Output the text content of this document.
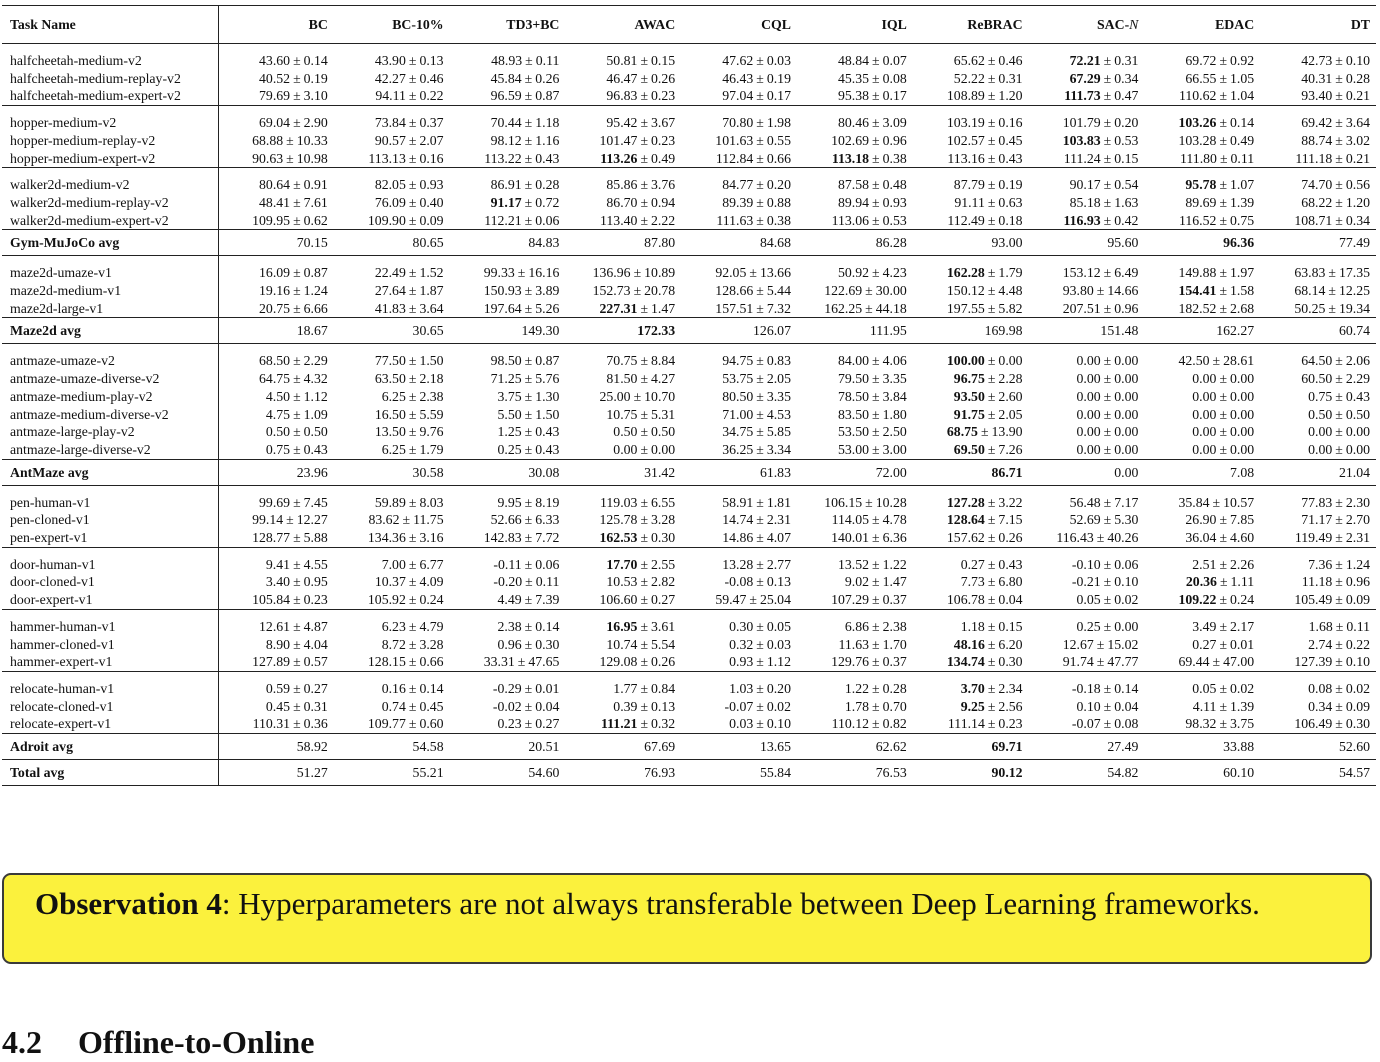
Task Name	BC	BC-10%	TD3+BC	AWAC	CQL	IQL	ReBRAC	SAC-N	EDAC	DT

halfcheetah-medium-v2	43.60 ± 0.14	43.90 ± 0.13	48.93 ± 0.11	50.81 ± 0.15	47.62 ± 0.03	48.84 ± 0.07	65.62 ± 0.46	72.21 ± 0.31	69.72 ± 0.92	42.73 ± 0.10
halfcheetah-medium-replay-v2	40.52 ± 0.19	42.27 ± 0.46	45.84 ± 0.26	46.47 ± 0.26	46.43 ± 0.19	45.35 ± 0.08	52.22 ± 0.31	67.29 ± 0.34	66.55 ± 1.05	40.31 ± 0.28
halfcheetah-medium-expert-v2	79.69 ± 3.10	94.11 ± 0.22	96.59 ± 0.87	96.83 ± 0.23	97.04 ± 0.17	95.38 ± 0.17	108.89 ± 1.20	111.73 ± 0.47	110.62 ± 1.04	93.40 ± 0.21

hopper-medium-v2	69.04 ± 2.90	73.84 ± 0.37	70.44 ± 1.18	95.42 ± 3.67	70.80 ± 1.98	80.46 ± 3.09	103.19 ± 0.16	101.79 ± 0.20	103.26 ± 0.14	69.42 ± 3.64
hopper-medium-replay-v2	68.88 ± 10.33	90.57 ± 2.07	98.12 ± 1.16	101.47 ± 0.23	101.63 ± 0.55	102.69 ± 0.96	102.57 ± 0.45	103.83 ± 0.53	103.28 ± 0.49	88.74 ± 3.02
hopper-medium-expert-v2	90.63 ± 10.98	113.13 ± 0.16	113.22 ± 0.43	113.26 ± 0.49	112.84 ± 0.66	113.18 ± 0.38	113.16 ± 0.43	111.24 ± 0.15	111.80 ± 0.11	111.18 ± 0.21

walker2d-medium-v2	80.64 ± 0.91	82.05 ± 0.93	86.91 ± 0.28	85.86 ± 3.76	84.77 ± 0.20	87.58 ± 0.48	87.79 ± 0.19	90.17 ± 0.54	95.78 ± 1.07	74.70 ± 0.56
walker2d-medium-replay-v2	48.41 ± 7.61	76.09 ± 0.40	91.17 ± 0.72	86.70 ± 0.94	89.39 ± 0.88	89.94 ± 0.93	91.11 ± 0.63	85.18 ± 1.63	89.69 ± 1.39	68.22 ± 1.20
walker2d-medium-expert-v2	109.95 ± 0.62	109.90 ± 0.09	112.21 ± 0.06	113.40 ± 2.22	111.63 ± 0.38	113.06 ± 0.53	112.49 ± 0.18	116.93 ± 0.42	116.52 ± 0.75	108.71 ± 0.34
Gym-MuJoCo avg	70.15	80.65	84.83	87.80	84.68	86.28	93.00	95.60	96.36	77.49

maze2d-umaze-v1	16.09 ± 0.87	22.49 ± 1.52	99.33 ± 16.16	136.96 ± 10.89	92.05 ± 13.66	50.92 ± 4.23	162.28 ± 1.79	153.12 ± 6.49	149.88 ± 1.97	63.83 ± 17.35
maze2d-medium-v1	19.16 ± 1.24	27.64 ± 1.87	150.93 ± 3.89	152.73 ± 20.78	128.66 ± 5.44	122.69 ± 30.00	150.12 ± 4.48	93.80 ± 14.66	154.41 ± 1.58	68.14 ± 12.25
maze2d-large-v1	20.75 ± 6.66	41.83 ± 3.64	197.64 ± 5.26	227.31 ± 1.47	157.51 ± 7.32	162.25 ± 44.18	197.55 ± 5.82	207.51 ± 0.96	182.52 ± 2.68	50.25 ± 19.34
Maze2d avg	18.67	30.65	149.30	172.33	126.07	111.95	169.98	151.48	162.27	60.74

antmaze-umaze-v2	68.50 ± 2.29	77.50 ± 1.50	98.50 ± 0.87	70.75 ± 8.84	94.75 ± 0.83	84.00 ± 4.06	100.00 ± 0.00	0.00 ± 0.00	42.50 ± 28.61	64.50 ± 2.06
antmaze-umaze-diverse-v2	64.75 ± 4.32	63.50 ± 2.18	71.25 ± 5.76	81.50 ± 4.27	53.75 ± 2.05	79.50 ± 3.35	96.75 ± 2.28	0.00 ± 0.00	0.00 ± 0.00	60.50 ± 2.29
antmaze-medium-play-v2	4.50 ± 1.12	6.25 ± 2.38	3.75 ± 1.30	25.00 ± 10.70	80.50 ± 3.35	78.50 ± 3.84	93.50 ± 2.60	0.00 ± 0.00	0.00 ± 0.00	0.75 ± 0.43
antmaze-medium-diverse-v2	4.75 ± 1.09	16.50 ± 5.59	5.50 ± 1.50	10.75 ± 5.31	71.00 ± 4.53	83.50 ± 1.80	91.75 ± 2.05	0.00 ± 0.00	0.00 ± 0.00	0.50 ± 0.50
antmaze-large-play-v2	0.50 ± 0.50	13.50 ± 9.76	1.25 ± 0.43	0.50 ± 0.50	34.75 ± 5.85	53.50 ± 2.50	68.75 ± 13.90	0.00 ± 0.00	0.00 ± 0.00	0.00 ± 0.00
antmaze-large-diverse-v2	0.75 ± 0.43	6.25 ± 1.79	0.25 ± 0.43	0.00 ± 0.00	36.25 ± 3.34	53.00 ± 3.00	69.50 ± 7.26	0.00 ± 0.00	0.00 ± 0.00	0.00 ± 0.00
AntMaze avg	23.96	30.58	30.08	31.42	61.83	72.00	86.71	0.00	7.08	21.04

pen-human-v1	99.69 ± 7.45	59.89 ± 8.03	9.95 ± 8.19	119.03 ± 6.55	58.91 ± 1.81	106.15 ± 10.28	127.28 ± 3.22	56.48 ± 7.17	35.84 ± 10.57	77.83 ± 2.30
pen-cloned-v1	99.14 ± 12.27	83.62 ± 11.75	52.66 ± 6.33	125.78 ± 3.28	14.74 ± 2.31	114.05 ± 4.78	128.64 ± 7.15	52.69 ± 5.30	26.90 ± 7.85	71.17 ± 2.70
pen-expert-v1	128.77 ± 5.88	134.36 ± 3.16	142.83 ± 7.72	162.53 ± 0.30	14.86 ± 4.07	140.01 ± 6.36	157.62 ± 0.26	116.43 ± 40.26	36.04 ± 4.60	119.49 ± 2.31

door-human-v1	9.41 ± 4.55	7.00 ± 6.77	-0.11 ± 0.06	17.70 ± 2.55	13.28 ± 2.77	13.52 ± 1.22	0.27 ± 0.43	-0.10 ± 0.06	2.51 ± 2.26	7.36 ± 1.24
door-cloned-v1	3.40 ± 0.95	10.37 ± 4.09	-0.20 ± 0.11	10.53 ± 2.82	-0.08 ± 0.13	9.02 ± 1.47	7.73 ± 6.80	-0.21 ± 0.10	20.36 ± 1.11	11.18 ± 0.96
door-expert-v1	105.84 ± 0.23	105.92 ± 0.24	4.49 ± 7.39	106.60 ± 0.27	59.47 ± 25.04	107.29 ± 0.37	106.78 ± 0.04	0.05 ± 0.02	109.22 ± 0.24	105.49 ± 0.09

hammer-human-v1	12.61 ± 4.87	6.23 ± 4.79	2.38 ± 0.14	16.95 ± 3.61	0.30 ± 0.05	6.86 ± 2.38	1.18 ± 0.15	0.25 ± 0.00	3.49 ± 2.17	1.68 ± 0.11
hammer-cloned-v1	8.90 ± 4.04	8.72 ± 3.28	0.96 ± 0.30	10.74 ± 5.54	0.32 ± 0.03	11.63 ± 1.70	48.16 ± 6.20	12.67 ± 15.02	0.27 ± 0.01	2.74 ± 0.22
hammer-expert-v1	127.89 ± 0.57	128.15 ± 0.66	33.31 ± 47.65	129.08 ± 0.26	0.93 ± 1.12	129.76 ± 0.37	134.74 ± 0.30	91.74 ± 47.77	69.44 ± 47.00	127.39 ± 0.10

relocate-human-v1	0.59 ± 0.27	0.16 ± 0.14	-0.29 ± 0.01	1.77 ± 0.84	1.03 ± 0.20	1.22 ± 0.28	3.70 ± 2.34	-0.18 ± 0.14	0.05 ± 0.02	0.08 ± 0.02
relocate-cloned-v1	0.45 ± 0.31	0.74 ± 0.45	-0.02 ± 0.04	0.39 ± 0.13	-0.07 ± 0.02	1.78 ± 0.70	9.25 ± 2.56	0.10 ± 0.04	4.11 ± 1.39	0.34 ± 0.09
relocate-expert-v1	110.31 ± 0.36	109.77 ± 0.60	0.23 ± 0.27	111.21 ± 0.32	0.03 ± 0.10	110.12 ± 0.82	111.14 ± 0.23	-0.07 ± 0.08	98.32 ± 3.75	106.49 ± 0.30
Adroit avg	58.92	54.58	20.51	67.69	13.65	62.62	69.71	27.49	33.88	52.60
Total avg	51.27	55.21	54.60	76.93	55.84	76.53	90.12	54.82	60.10	54.57
Observation 4: Hyperparameters are not always transferable between Deep Learning frameworks.
4.2 Offline-to-Online
